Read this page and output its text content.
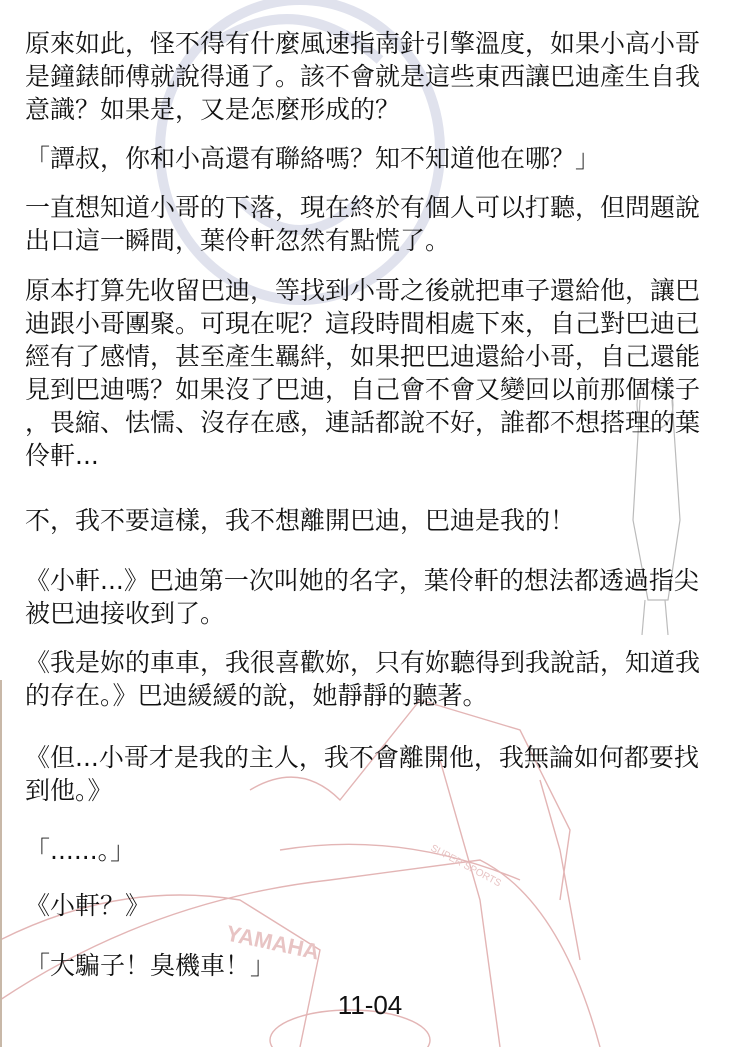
YAMAHA
SUPER SPORTS
原來如此，怪不得有什麼風速指南針引擎溫度，如果小高小哥
是鐘錶師傅就說得通了。該不會就是這些東西讓巴迪產生自我
意識？如果是，又是怎麼形成的？
「譚叔，你和小高還有聯絡嗎？知不知道他在哪？」
一直想知道小哥的下落，現在終於有個人可以打聽，但問題說
出口這一瞬間，葉伶軒忽然有點慌了。
原本打算先收留巴迪，等找到小哥之後就把車子還給他，讓巴
迪跟小哥團聚。可現在呢？這段時間相處下來，自己對巴迪已
經有了感情，甚至產生羈絆，如果把巴迪還給小哥，自己還能
見到巴迪嗎？如果沒了巴迪，自己會不會又變回以前那個樣子
，畏縮、怯懦、沒存在感，連話都說不好，誰都不想搭理的葉
伶軒...
不，我不要這樣，我不想離開巴迪，巴迪是我的！
《小軒...》巴迪第一次叫她的名字，葉伶軒的想法都透過指尖
被巴迪接收到了。
《我是妳的車車，我很喜歡妳，只有妳聽得到我說話，知道我
的存在。》巴迪緩緩的說，她靜靜的聽著。
《但...小哥才是我的主人，我不會離開他，我無論如何都要找
到他。》
「......。」
《小軒？》
「大騙子！臭機車！」
11-04
